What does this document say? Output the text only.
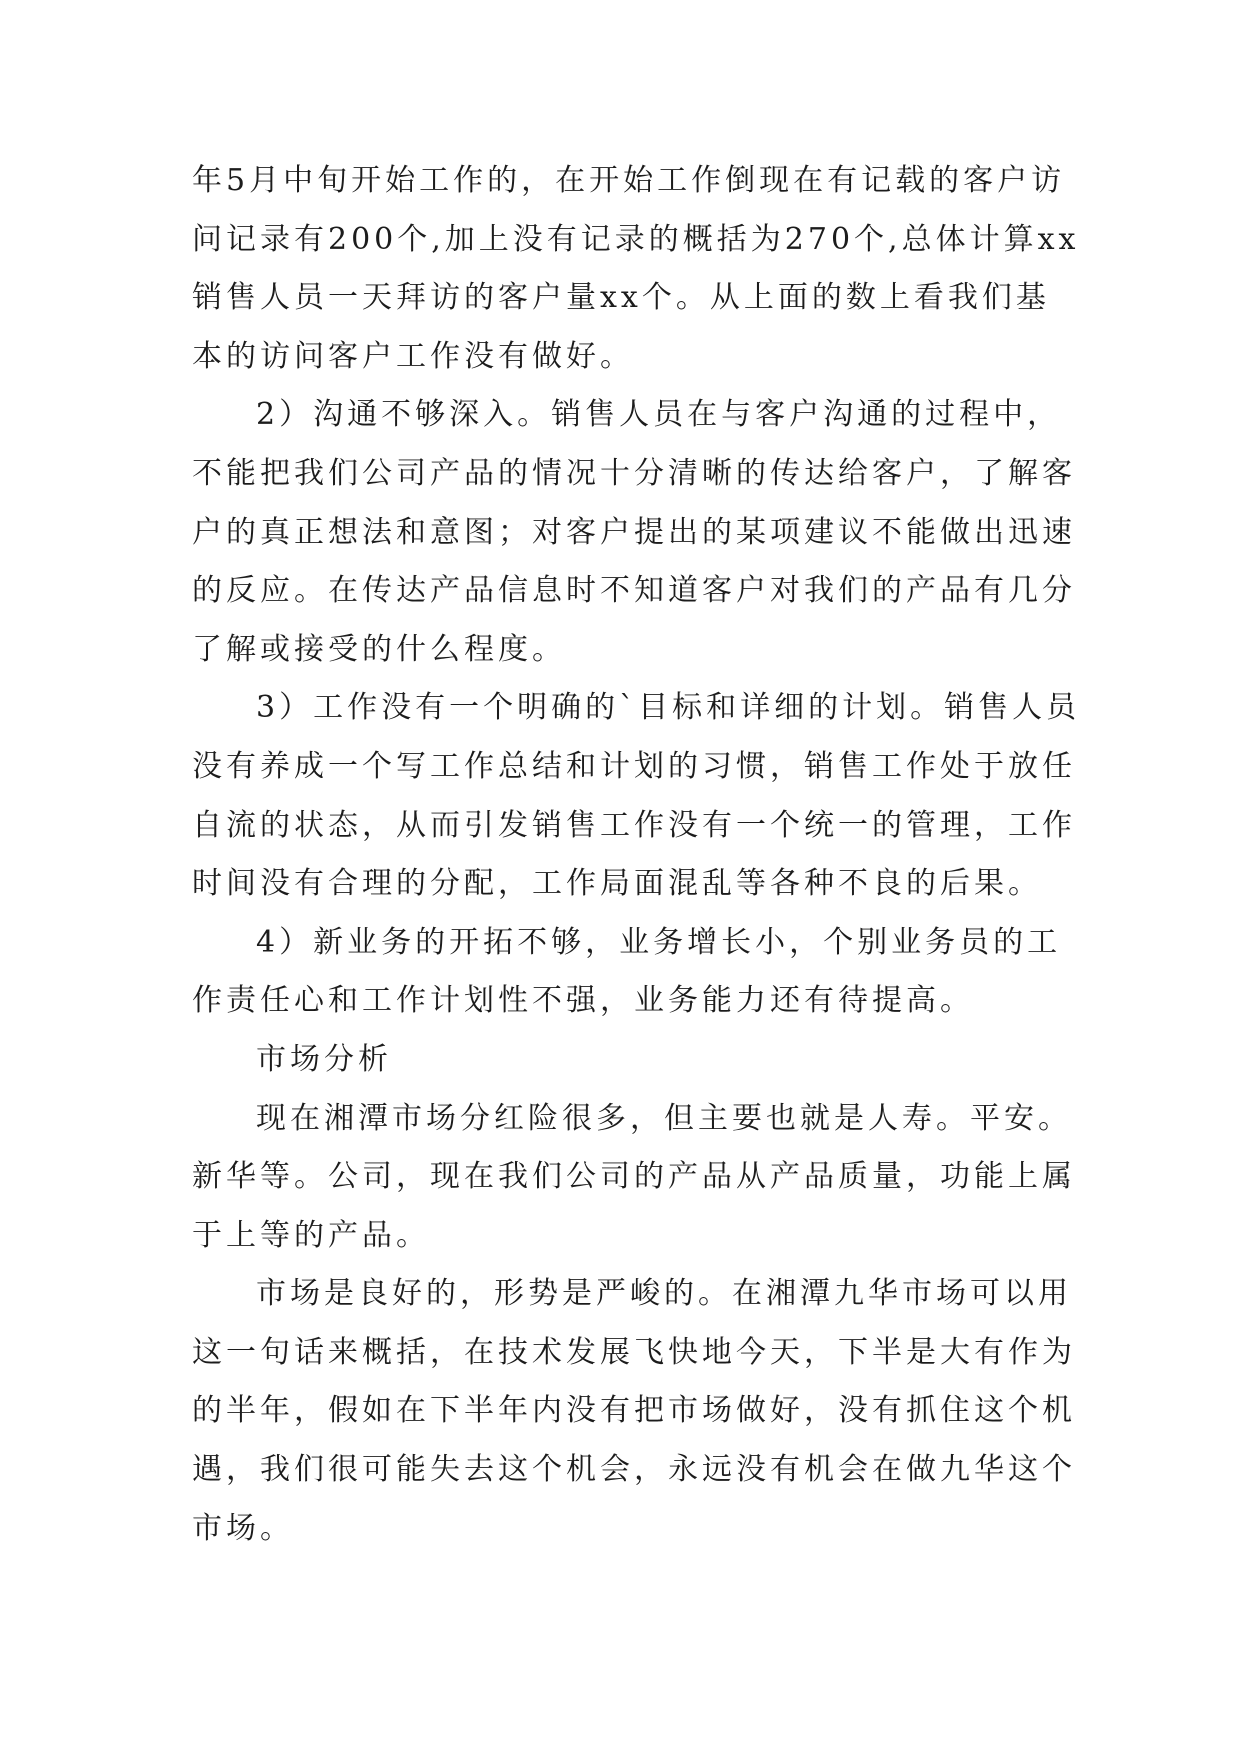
年5月中旬开始工作的，在开始工作倒现在有记载的客户访
问记录有200个,加上没有记录的概括为270个,总体计算xx
销售人员一天拜访的客户量xx个。从上面的数上看我们基
本的访问客户工作没有做好。
2）沟通不够深入。销售人员在与客户沟通的过程中，
不能把我们公司产品的情况十分清晰的传达给客户，了解客
户的真正想法和意图；对客户提出的某项建议不能做出迅速
的反应。在传达产品信息时不知道客户对我们的产品有几分
了解或接受的什么程度。
3）工作没有一个明确的`目标和详细的计划。销售人员
没有养成一个写工作总结和计划的习惯，销售工作处于放任
自流的状态，从而引发销售工作没有一个统一的管理，工作
时间没有合理的分配，工作局面混乱等各种不良的后果。
4）新业务的开拓不够，业务增长小，个别业务员的工
作责任心和工作计划性不强，业务能力还有待提高。
市场分析
现在湘潭市场分红险很多，但主要也就是人寿。平安。
新华等。公司，现在我们公司的产品从产品质量，功能上属
于上等的产品。
市场是良好的，形势是严峻的。在湘潭九华市场可以用
这一句话来概括，在技术发展飞快地今天，下半是大有作为
的半年，假如在下半年内没有把市场做好，没有抓住这个机
遇，我们很可能失去这个机会，永远没有机会在做九华这个
市场。
